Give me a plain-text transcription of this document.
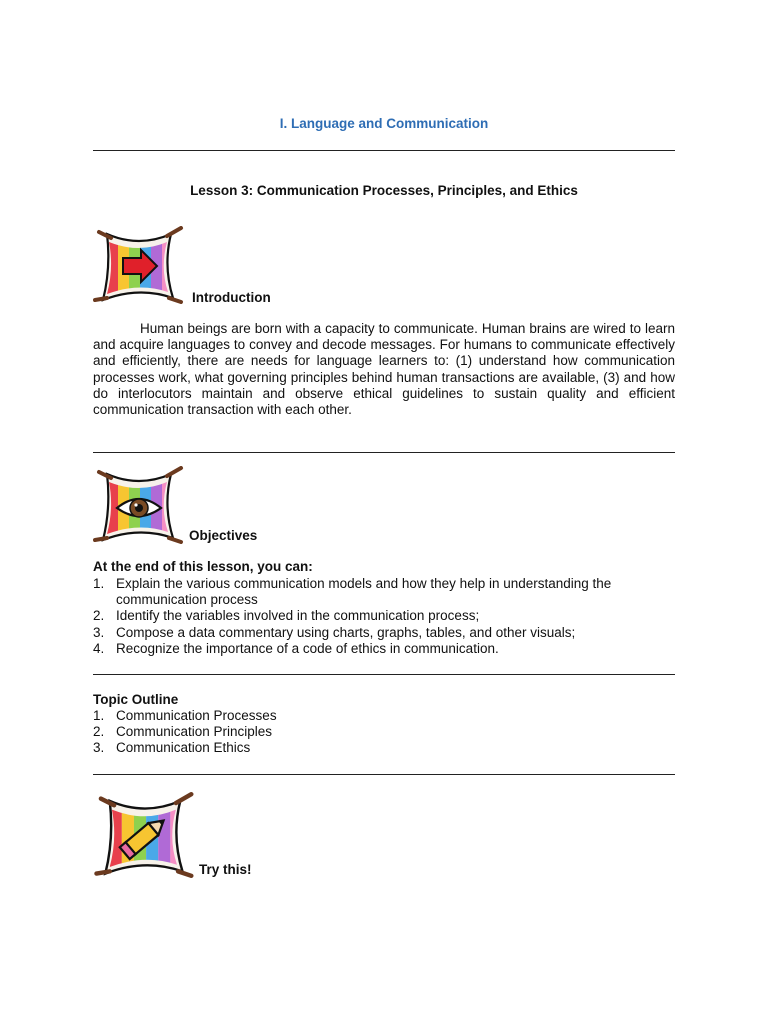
I. Language and Communication
Lesson 3: Communication Processes, Principles, and Ethics
Introduction

Human beings are born with a capacity to communicate. Human brains are wired to learn and acquire languages to convey and decode messages. For humans to communicate effectively and efficiently, there are needs for language learners to: (1) understand how communication processes work, what governing principles behind human transactions are available, (3) and how do interlocutors maintain and observe ethical guidelines to sustain quality and efficient communication transaction with each other.

Objectives
At the end of this lesson, you can:
1. Explain the various communication models and how they help in understanding the communication process
2. Identify the variables involved in the communication process;
3. Compose a data commentary using charts, graphs, tables, and other visuals;
4. Recognize the importance of a code of ethics in communication.
Topic Outline
1. Communication Processes
2. Communication Principles
3. Communication Ethics
Try this!
